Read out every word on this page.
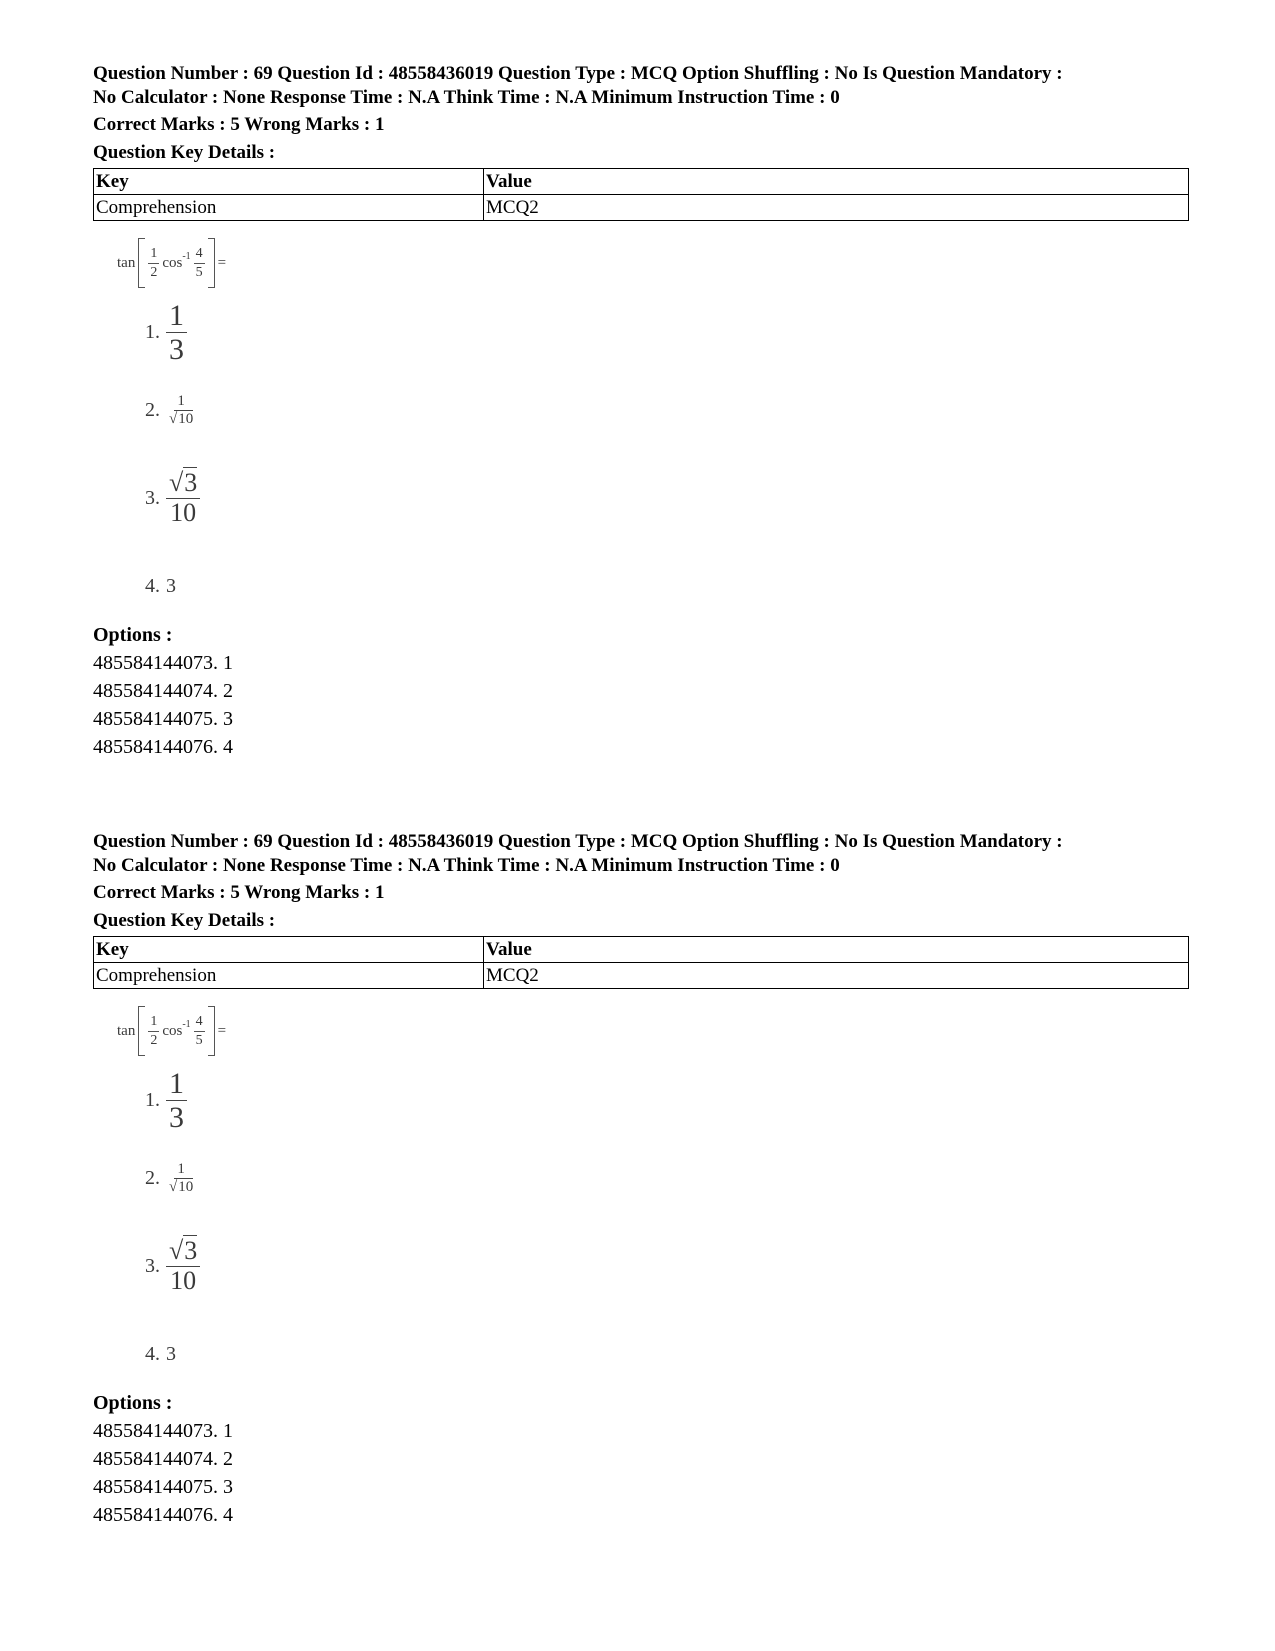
Question Number : 69 Question Id : 48558436019 Question Type : MCQ Option Shuffling : No Is Question Mandatory :

No Calculator : None Response Time : N.A Think Time : N.A Minimum Instruction Time : 0

Correct Marks : 5 Wrong Marks : 1
Question Key Details :
Key	Value
Comprehension	MCQ2
$\tan \frac{1}{2} \cos^{-1} \frac{4}{5}$ =
1. $\frac{1}{3}$
2. $\frac{1}{√10}$
3. $\frac{√3}{10}$
4. 3
Options :
485584144073. 1
485584144074. 2
485584144075. 3
485584144076. 4

Question Number : 69 Question Id : 48558436019 Question Type : MCQ Option Shuffling : No Is Question Mandatory :

No Calculator : None Response Time : N.A Think Time : N.A Minimum Instruction Time : 0

Correct Marks : 5 Wrong Marks : 1
Question Key Details :
Key	Value
Comprehension	MCQ2
$\tan \frac{1}{2} \cos^{-1} \frac{4}{5}$ =
1. $\frac{1}{3}$
2. $\frac{1}{√10}$
3. $\frac{√3}{10}$
4. 3
Options :
485584144073. 1
485584144074. 2
485584144075. 3
485584144076. 4
